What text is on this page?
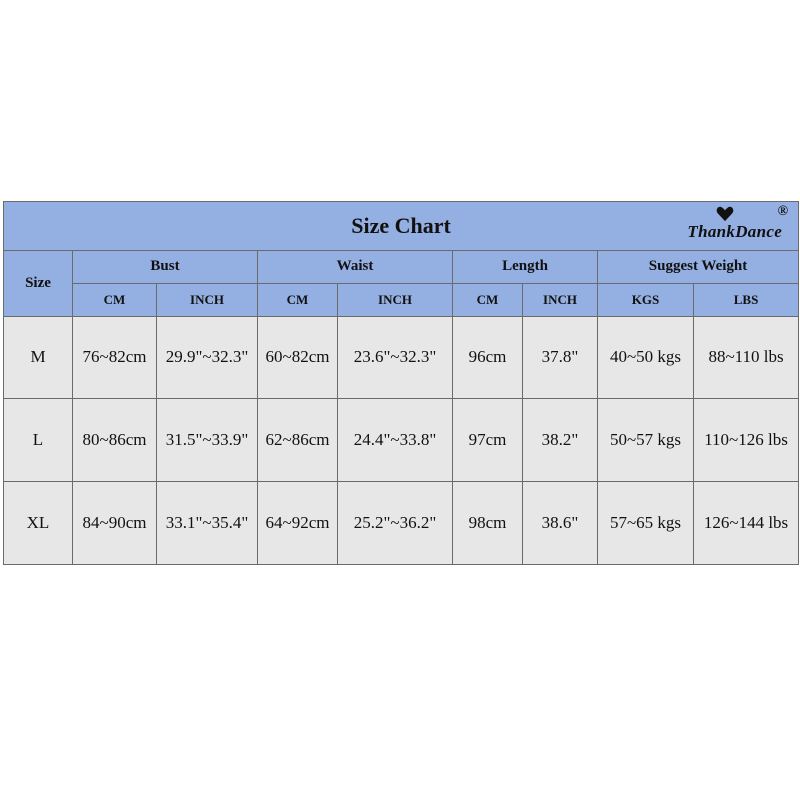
Size Chart
®
ThankDance								

Size	Bust		Waist		Length		Suggest Weight	
	CM	INCH	CM	INCH	CM	INCH	KGS	LBS
M	76~82cm	29.9"~32.3"	60~82cm	23.6"~32.3"	96cm	37.8"	40~50 kgs	88~110 lbs
L	80~86cm	31.5"~33.9"	62~86cm	24.4"~33.8"	97cm	38.2"	50~57 kgs	110~126 lbs
XL	84~90cm	33.1"~35.4"	64~92cm	25.2"~36.2"	98cm	38.6"	57~65 kgs	126~144 lbs
